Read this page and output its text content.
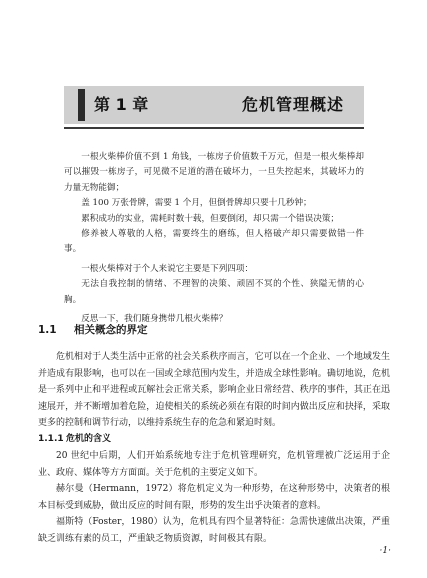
第 1 章	危机管理概述

一根火柴棒价值不到 1 角钱，一栋房子价值数千万元，但是一根火柴棒却可以摧毁一栋房子，可见微不足道的潜在破坏力，一旦失控起来，其破坏力的力量无物能御；

盖 100 万张骨牌，需要 1 个月，但倒骨牌却只要十几秒钟；

累积成功的实业，需耗时数十载，但要倒闭，却只需一个错误决策；

修养被人尊敬的人格，需要终生的磨练，但人格破产却只需要做错一件事。

一根火柴棒对于个人来说它主要是下列四项：

无法自我控制的情绪、不理智的决策、顽固不冥的个性、狭隘无情的心胸。

反思一下，我们随身携带几根火柴棒？

1.1 相关概念的界定

危机相对于人类生活中正常的社会关系秩序而言，它可以在一个企业、一个地域发生并造成有限影响，也可以在一国或全球范围内发生，并造成全球性影响。确切地说，危机是一系列中止和平进程或瓦解社会正常关系，影响企业日常经营、秩序的事件，其正在迅速展开，并不断增加着危险，迫使相关的系统必须在有限的时间内做出反应和抉择，采取更多的控制和调节行动，以维持系统生存的危急和紧迫时刻。

1.1.1 危机的含义

20 世纪中后期，人们开始系统地专注于危机管理研究，危机管理被广泛运用于企业、政府、媒体等方方面面。关于危机的主要定义如下。

赫尔曼（Hermann，1972）将危机定义为一种形势，在这种形势中，决策者的根本目标受到威胁，做出反应的时间有限，形势的发生出乎决策者的意料。

福斯特（Foster，1980）认为，危机具有四个显著特征：急需快速做出决策，严重缺乏训练有素的员工，严重缺乏物质资源，时间极其有限。

·1·
